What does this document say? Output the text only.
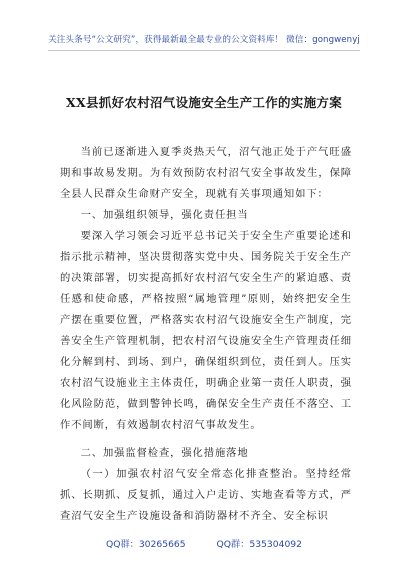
关注头条号“公文研究”，获得最新最全最专业的公文资料库！ 微信：gongwenyj
XX县抓好农村沼气设施安全生产工作的实施方案

当前已逐渐进入夏季炎热天气，沼气池正处于产气旺盛期和事故易发期。为有效预防农村沼气安全事故发生，保障全县人民群众生命财产安全，现就有关事项通知如下：

一、加强组织领导，强化责任担当

要深入学习领会习近平总书记关于安全生产重要论述和指示批示精神，坚决贯彻落实党中央、国务院关于安全生产的决策部署，切实提高抓好农村沼气安全生产的紧迫感、责任感和使命感，严格按照“属地管理”原则，始终把安全生产摆在重要位置，严格落实农村沼气设施安全生产制度，完善安全生产管理机制，把农村沼气设施安全生产管理责任细化分解到村、到场、到户，确保组织到位，责任到人。压实农村沼气设施业主主体责任，明确企业第一责任人职责，强化风险防范，做到警钟长鸣，确保安全生产责任不落空、工作不间断，有效遏制农村沼气事故发生。

二、加强监督检查，强化措施落地

（一）加强农村沼气安全常态化排查整治。坚持经常抓、长期抓、反复抓，通过入户走访、实地查看等方式，严查沼气安全生产设施设备和消防器材不齐全、安全标识

QQ群：30265665	QQ群：535304092
